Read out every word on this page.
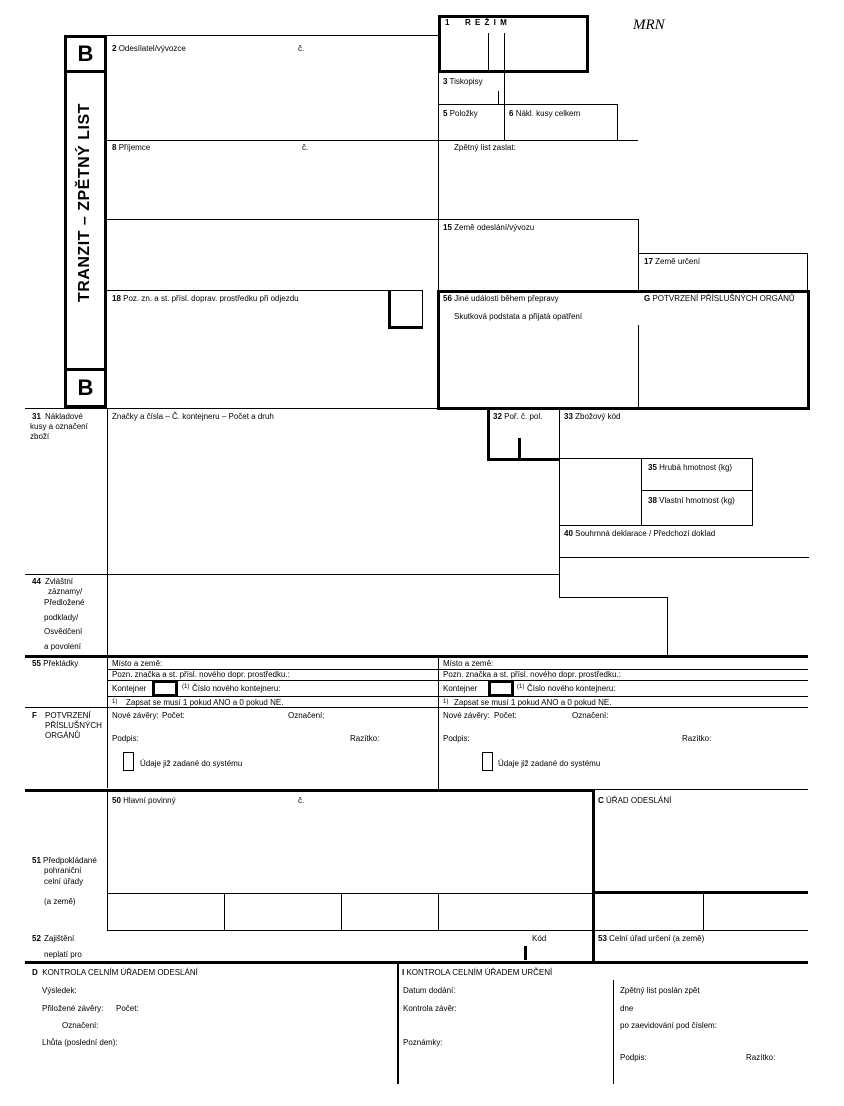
B
B
TRANZIT – ZPĚTNÝ LIST
MRN
1 R E Ž I M
2 Odesílatel/vývozce	č.
3 Tiskopisy
5 Položky	6 Nákl. kusy celkem
8 Příjemce	č.	Zpětný list zaslat:
15 Země odeslání/vývozu
17 Země určení
18 Poz. zn. a st. přísl. doprav. prostředku při odjezdu	56 Jiné události během přepravy
Skutková podstata a přijatá opatření
G POTVRZENÍ PŘÍSLUŠNÝCH ORGÁNŮ
31 Nákladové
kusy a označení
zboží
Značky a čísla – Č. kontejneru – Počet a druh	32 Poř. č. pol.	33 Zbožový kód
35 Hrubá hmotnost (kg)
38 Vlastní hmotnost (kg)
40 Souhrnná deklarace / Předchozí doklad
44 Zvláštní
záznamy/
Předložené
podklady/
Osvědčení
a povolení
55 Překládky	Místo a země:
Pozn. značka a st. přísl. nového dopr. prostředku.:
Kontejner	(1) Číslo nového kontejneru:
1) Zapsat se musí 1 pokud ANO a 0 pokud NE.
Místo a země:
Pozn. značka a st. přísl. nového dopr. prostředku.:
Kontejner	(1) Číslo nového kontejneru:
1) Zapsat se musí 1 pokud ANO a 0 pokud NE.
F POTVRZENÍ
PŘÍSLUŠNÝCH
ORGÁNŮ
Nové závěry: Počet:	Označení:
Podpis:	Razítko:
Údaje již zadané do systému
Nové závěry: Počet:	Označení:
Podpis:	Razítko:
Údaje již zadané do systému
50 Hlavní povinný	č.	C ÚŘAD ODESLÁNÍ
51 Předpokládané
pohraniční
celní úřady
(a země)
52 Zajištění
neplatí pro
Kód	53 Celní úřad určení (a země)
D KONTROLA CELNÍM ÚŘADEM ODESLÁNÍ
Výsledek:
Přiložené závěry: Počet:
Označení:
Lhůta (poslední den):
I KONTROLA CELNÍM ÚŘADEM URČENÍ
Datum dodání:
Kontrola závěr:
Poznámky:
Zpětný list poslán zpět
dne
po zaevidování pod číslem:
Podpis:	Razítko:
